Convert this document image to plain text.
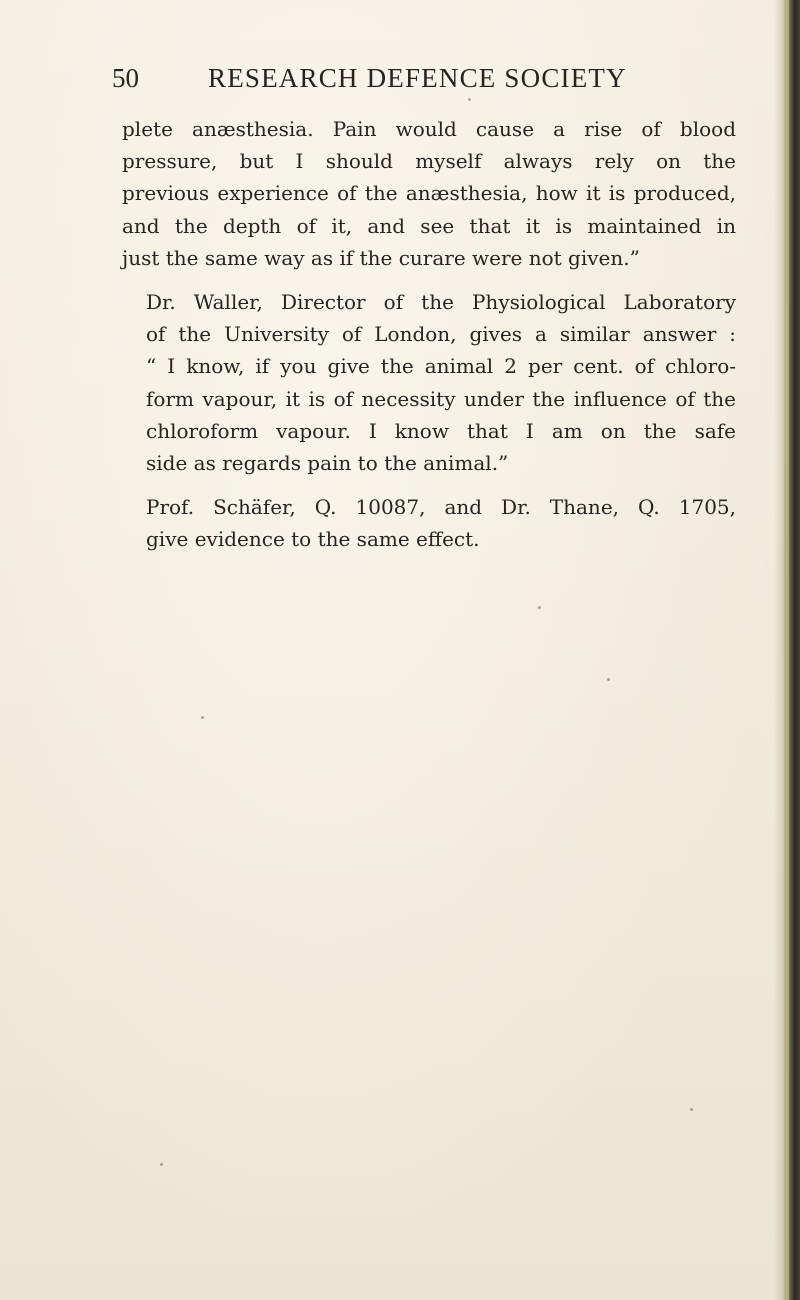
50	RESEARCH DEFENCE SOCIETY

plete anæsthesia. Pain would cause a rise of blood
pressure, but I should myself always rely on the
previous experience of the anæsthesia, how it is produced,
and the depth of it, and see that it is maintained in
just the same way as if the curare were not given.”

Dr. Waller, Director of the Physiological Laboratory
of the University of London, gives a similar answer :
“ I know, if you give the animal 2 per cent. of chloro-
form vapour, it is of necessity under the influence of the
chloroform vapour. I know that I am on the safe
side as regards pain to the animal.”

Prof. Schäfer, Q. 10087, and Dr. Thane, Q. 1705,
give evidence to the same effect.
